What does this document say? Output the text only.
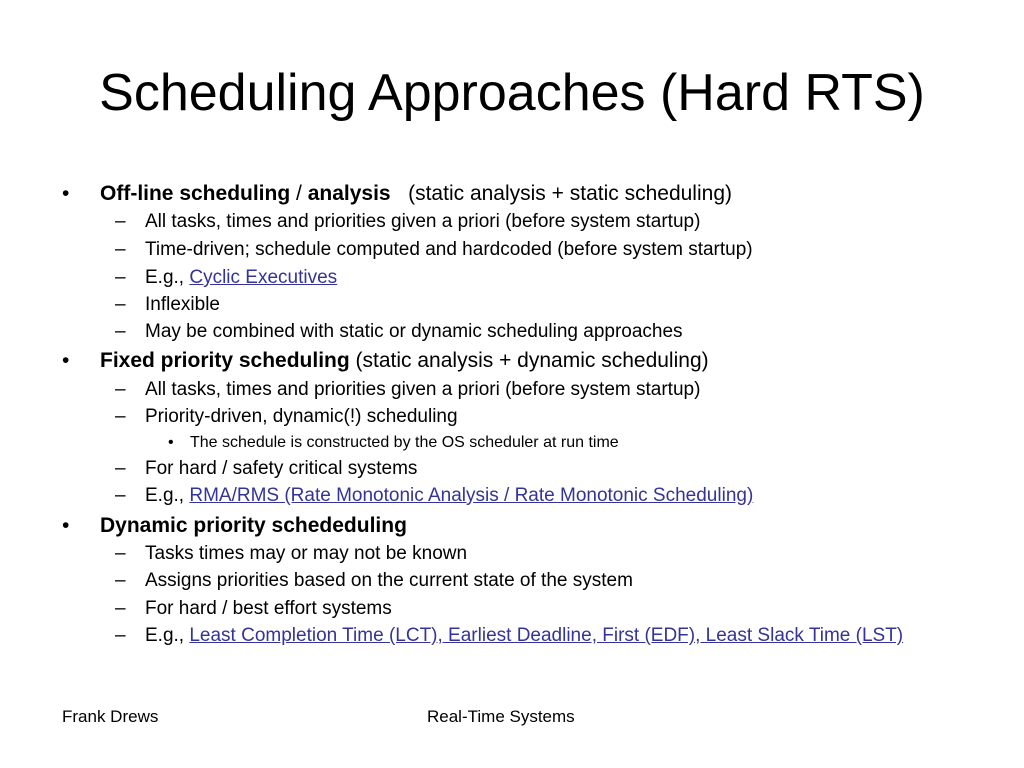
Scheduling Approaches (Hard RTS)
• Off-line scheduling / analysis   (static analysis + static scheduling)
– All tasks, times and priorities given a priori (before system startup)
– Time-driven; schedule computed and hardcoded (before system startup)
– E.g., Cyclic Executives
– Inflexible
– May be combined with static or dynamic scheduling approaches
• Fixed priority scheduling (static analysis + dynamic scheduling)
– All tasks, times and priorities given a priori (before system startup)
– Priority-driven, dynamic(!) scheduling
• The schedule is constructed by the OS scheduler at run time
– For hard / safety critical systems
– E.g., RMA/RMS (Rate Monotonic Analysis / Rate Monotonic Scheduling)
• Dynamic priority schededuling
– Tasks times may or may not be known
– Assigns priorities based on the current state of the system
– For hard / best effort systems
– E.g., Least Completion Time (LCT), Earliest Deadline, First (EDF), Least Slack Time (LST)
Frank Drews	Real-Time Systems
